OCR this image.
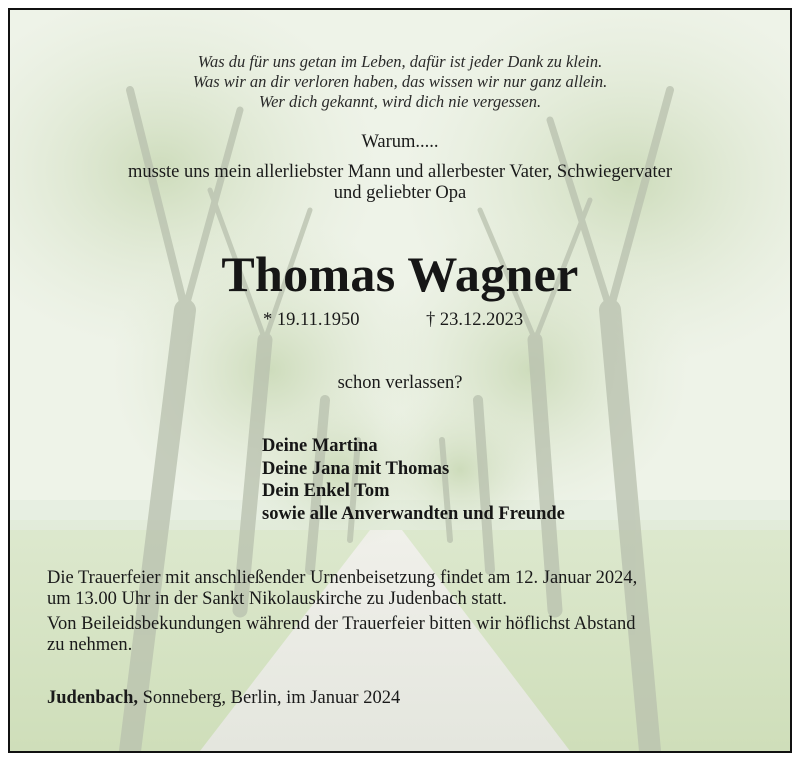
Was du für uns getan im Leben, dafür ist jeder Dank zu klein.
Was wir an dir verloren haben, das wissen wir nur ganz allein.
Wer dich gekannt, wird dich nie vergessen.
Warum.....
musste uns mein allerliebster Mann und allerbester Vater, Schwiegervater
und geliebter Opa
Thomas Wagner
* 19.11.1950	† 23.12.2023
schon verlassen?
Deine Martina
Deine Jana mit Thomas
Dein Enkel Tom
sowie alle Anverwandten und Freunde
Die Trauerfeier mit anschließender Urnenbeisetzung findet am 12. Januar 2024,
um 13.00 Uhr in der Sankt Nikolauskirche zu Judenbach statt.
Von Beileidsbekundungen während der Trauerfeier bitten wir höflichst Abstand
zu nehmen.
Judenbach, Sonneberg, Berlin, im Januar 2024
